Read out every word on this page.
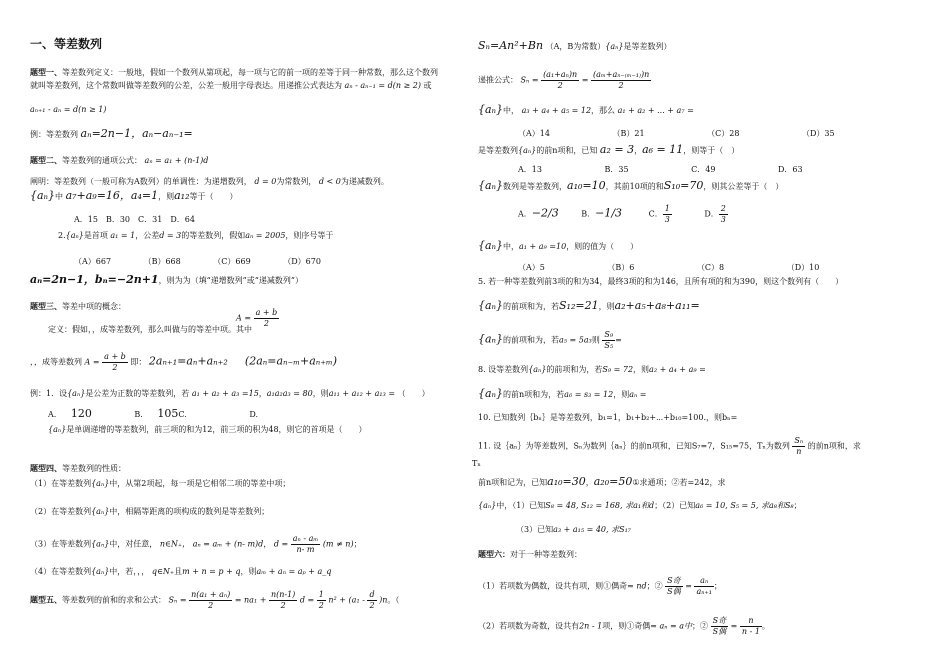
一、等差数列
题型一、等差数列定义：一般地，假如一个数列从第项起，每一项与它的前一项的差等于同一种常数，那么这个数列
就叫等差数列，这个常数叫做等差数列的公差，公差一般用字母表达。用递推公式表达为 aₙ - aₙ₋₁ = d(n ≥ 2) 或
aₙ₊₁ - aₙ = d(n ≥ 1)
例：等差数列 aₙ=2n−1，aₙ−aₙ₋₁=
题型二、等差数列的通项公式： aₙ = a₁ + (n-1)d
阐明：等差数列（一般可称为A数列）的单调性：为递增数列， d = 0为常数列， d < 0为递减数列。
{aₙ}中 a₇+a₉=16，a₄=1，则a₁₂等于（　　）
A．15　B．30　C．31　D．64
2.{aₙ}是首项 a₁ = 1，公差d = 3的等差数列，假如aₙ = 2005，则序号等于
（A）667	（B）668	（C）669	（D）670
aₙ=2n−1，bₙ=−2n+1，则为为（填“递增数列”或“递减数列”）
题型三、等差中项的概念：
$A = \frac{a + b}{2}$
定义：假如，，成等差数列，那么叫做与的等差中项。其中
，，成等差数列 $A = \frac{a + b}{2}$ 即： 2aₙ₊₁=aₙ+aₙ₊₂ (2aₙ=aₙ₋ₘ+aₙ₊ₘ)
例：1．设{aₙ}是公差为正数的等差数列，若 a₁ + a₂ + a₃ =15，a₁a₂a₃ = 80，则a₁₁ + a₁₂ + a₁₃ = （　　）
A. 120	B. 105C.	D.
{aₙ}是单调递增的等差数列，前三项的和为12，前三项的积为48，则它的首项是（　　）
题型四、等差数列的性质：
（1）在等差数列{aₙ}中，从第2项起，每一项是它相邻二项的等差中项；
（2）在等差数列{aₙ}中，相隔等距离的项构成的数列是等差数列；
（3）在等差数列{aₙ}中，对任意， n∈N₊， aₙ = aₘ + (n- m)d， $d = \frac{\text{aₙ - aₘ}}{n- m} (m \ne n)$；
（4）在等差数列{aₙ}中，若，，， q∈N₊且m + n = p + q，则aₘ + aₙ = aₚ + a_q
题型五、等差数列的前和的求和公式： $S_n = \frac{\text{n(a₁ + aₙ)}}{2} = na_1 + \frac{n(n-1)}{2}$ $d = \frac{1}{2} n^2 + (a_1 - \frac{d}{2} )n$。（
Sₙ=An²+Bn （A，B为常数）{aₙ}是等差数列）
递推公式： $S_n = \frac{\text{(a₁+aₙ)n}}{2} = \frac{\text{(aₘ+aₙ₋₍ₘ₋₁₎)n}}{2}$
{aₙ}中， a₃ + a₄ + a₅ = 12，那么 a₁ + a₂ + ... + a₇ =
（A）14	（B）21	（C）28	（D）35
是等差数列{aₙ}的前n项和，已知 a₂ = 3，a₆ = 11，则等于（　）
A．13	B．35	C．49	D．63
{aₙ}数列是等差数列，a₁₀=10，其前10项的和S₁₀=70，则其公差等于（　）
A．−2/3	B．−1/3	C． $\frac{1}{3}$	D． $\frac{2}{3}$
{aₙ}中，a₁ + a₉ =10，则的值为（　　）
（A）5	（B）6	（C）8	（D）10
5. 若一种等差数列前3项的和为34，最终3项的和为146，且所有项的和为390，则这个数列有（　　）
{aₙ}的前项和为，若S₁₂=21，则a₂+a₅+a₈+a₁₁=
{aₙ}的前项和为，若a₅ = 5a₃则 $\frac{\text{S₉}}{\text{S₅}}$ =
8. 设等差数列{aₙ}的前项和为，若S₉ = 72，则a₂ + a₄ + a₉ =
{aₙ}的前n项和为，若a₆ = s₃ = 12，则aₙ =
10. 已知数列｛bₙ｝是等差数列，b₁=1，b₁+b₂+⋯+b₁₀=100.，则bₙ=
11. 设｛aₙ｝为等差数列，Sₙ为数列｛aₙ｝的前n项和，已知S₇=7，S₁₅=75，Tₙ为数列 $\frac{\text{Sₙ}}{n}$ 的前n项和，求
Tₙ
前n项和记为，已知a₁₀=30，a₂₀=50①求通项；②若=242，求
{aₙ}中，（1）已知S₈ = 48, S₁₂ = 168, 求a₁和d；（2）已知a₆ = 10, S₅ = 5, 求a₈和S₈；
（3）已知a₃ + a₁₅ = 40, 求S₁₇
题型六：对于一种等差数列：
（1）若项数为偶数，设共有项，则①偶奇= nd；② $\frac{\text{S奇}}{\text{S偶}} = \frac{\text{aₙ}}{\text{aₙ₊₁}}$ ；
（2）若项数为奇数，设共有2n - 1项，则①奇偶= aₙ = a中；② $\frac{\text{S奇}}{\text{S偶}} = \frac{n}{n - 1}$ 。
